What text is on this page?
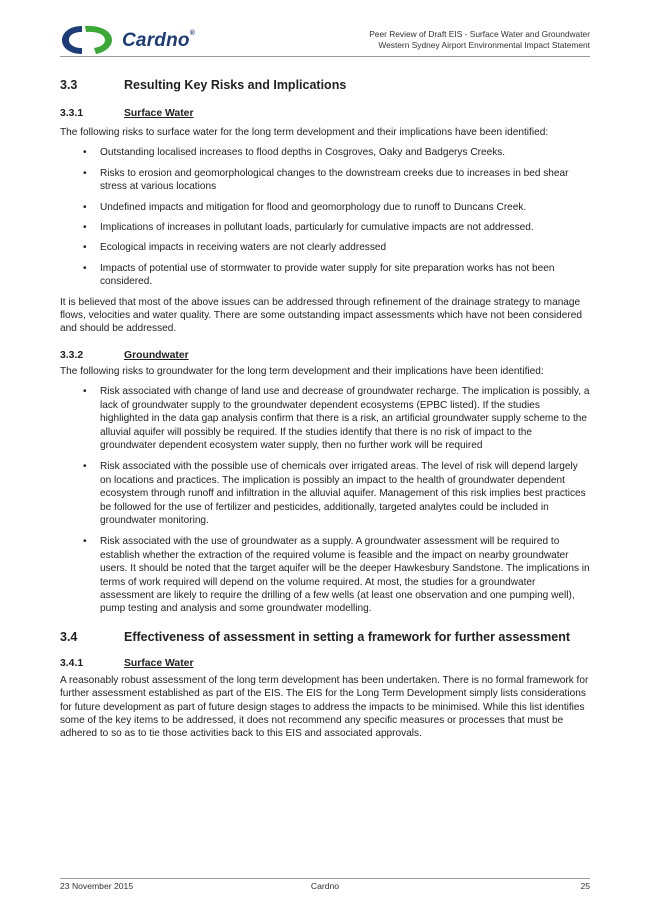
Cardno®	Peer Review of Draft EIS - Surface Water and Groundwater
Western Sydney Airport Environmental Impact Statement
3.3	Resulting Key Risks and Implications
3.3.1	Surface Water

The following risks to surface water for the long term development and their implications have been identified:

• Outstanding localised increases to flood depths in Cosgroves, Oaky and Badgerys Creeks.
• Risks to erosion and geomorphological changes to the downstream creeks due to increases in bed shear stress at various locations
• Undefined impacts and mitigation for flood and geomorphology due to runoff to Duncans Creek.
• Implications of increases in pollutant loads, particularly for cumulative impacts are not addressed.
• Ecological impacts in receiving waters are not clearly addressed
• Impacts of potential use of stormwater to provide water supply for site preparation works has not been considered.

It is believed that most of the above issues can be addressed through refinement of the drainage strategy to manage flows, velocities and water quality. There are some outstanding impact assessments which have not been considered and should be addressed.

3.3.2	Groundwater

The following risks to groundwater for the long term development and their implications have been identified:

• Risk associated with change of land use and decrease of groundwater recharge. The implication is possibly, a lack of groundwater supply to the groundwater dependent ecosystems (EPBC listed). If the studies highlighted in the data gap analysis confirm that there is a risk, an artificial groundwater supply scheme to the alluvial aquifer will possibly be required. If the studies identify that there is no risk of impact to the groundwater dependent ecosystem water supply, then no further work will be required
• Risk associated with the possible use of chemicals over irrigated areas. The level of risk will depend largely on locations and practices. The implication is possibly an impact to the health of groundwater dependent ecosystem through runoff and infiltration in the alluvial aquifer. Management of this risk implies best practices be followed for the use of fertilizer and pesticides, additionally, targeted analytes could be included in groundwater monitoring.
• Risk associated with the use of groundwater as a supply. A groundwater assessment will be required to establish whether the extraction of the required volume is feasible and the impact on nearby groundwater users. It should be noted that the target aquifer will be the deeper Hawkesbury Sandstone. The implications in terms of work required will depend on the volume required. At most, the studies for a groundwater assessment are likely to require the drilling of a few wells (at least one observation and one pumping well), pump testing and analysis and some groundwater modelling.
3.4	Effectiveness of assessment in setting a framework for further assessment
3.4.1	Surface Water

A reasonably robust assessment of the long term development has been undertaken. There is no formal framework for further assessment established as part of the EIS. The EIS for the Long Term Development simply lists considerations for future development as part of future design stages to address the impacts to be minimised. While this list identifies some of the key items to be addressed, it does not recommend any specific measures or processes that must be adhered to so as to tie those activities back to this EIS and associated approvals.

23 November 2015	Cardno	25
